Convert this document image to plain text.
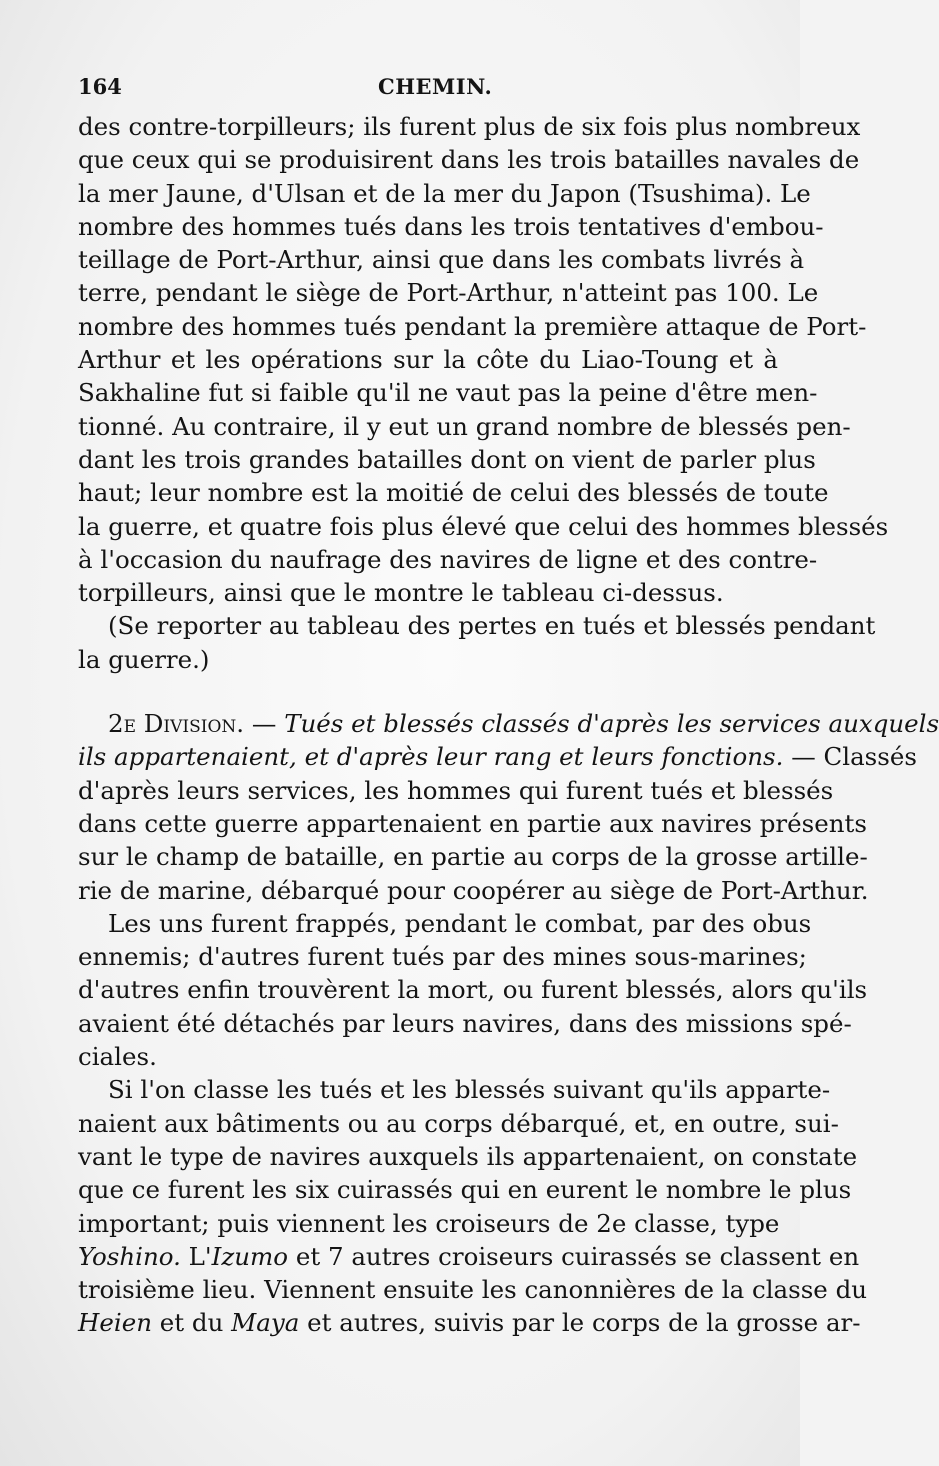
164	CHEMIN.
des contre-torpilleurs; ils furent plus de six fois plus nombreux
que ceux qui se produisirent dans les trois batailles navales de
la mer Jaune, d'Ulsan et de la mer du Japon (Tsushima). Le
nombre des hommes tués dans les trois tentatives d'embou-
teillage de Port-Arthur, ainsi que dans les combats livrés à
terre, pendant le siège de Port-Arthur, n'atteint pas 100. Le
nombre des hommes tués pendant la première attaque de Port-
Arthur et les opérations sur la côte du Liao-Toung et à
Sakhaline fut si faible qu'il ne vaut pas la peine d'être men-
tionné. Au contraire, il y eut un grand nombre de blessés pen-
dant les trois grandes batailles dont on vient de parler plus
haut; leur nombre est la moitié de celui des blessés de toute
la guerre, et quatre fois plus élevé que celui des hommes blessés
à l'occasion du naufrage des navires de ligne et des contre-
torpilleurs, ainsi que le montre le tableau ci-dessus.
(Se reporter au tableau des pertes en tués et blessés pendant
la guerre.)
2e Division. — Tués et blessés classés d'après les services auxquels
ils appartenaient, et d'après leur rang et leurs fonctions. — Classés
d'après leurs services, les hommes qui furent tués et blessés
dans cette guerre appartenaient en partie aux navires présents
sur le champ de bataille, en partie au corps de la grosse artille-
rie de marine, débarqué pour coopérer au siège de Port-Arthur.
Les uns furent frappés, pendant le combat, par des obus
ennemis; d'autres furent tués par des mines sous-marines;
d'autres enfin trouvèrent la mort, ou furent blessés, alors qu'ils
avaient été détachés par leurs navires, dans des missions spé-
ciales.
Si l'on classe les tués et les blessés suivant qu'ils apparte-
naient aux bâtiments ou au corps débarqué, et, en outre, sui-
vant le type de navires auxquels ils appartenaient, on constate
que ce furent les six cuirassés qui en eurent le nombre le plus
important; puis viennent les croiseurs de 2e classe, type
Yoshino. L'Izumo et 7 autres croiseurs cuirassés se classent en
troisième lieu. Viennent ensuite les canonnières de la classe du
Heien et du Maya et autres, suivis par le corps de la grosse ar-
